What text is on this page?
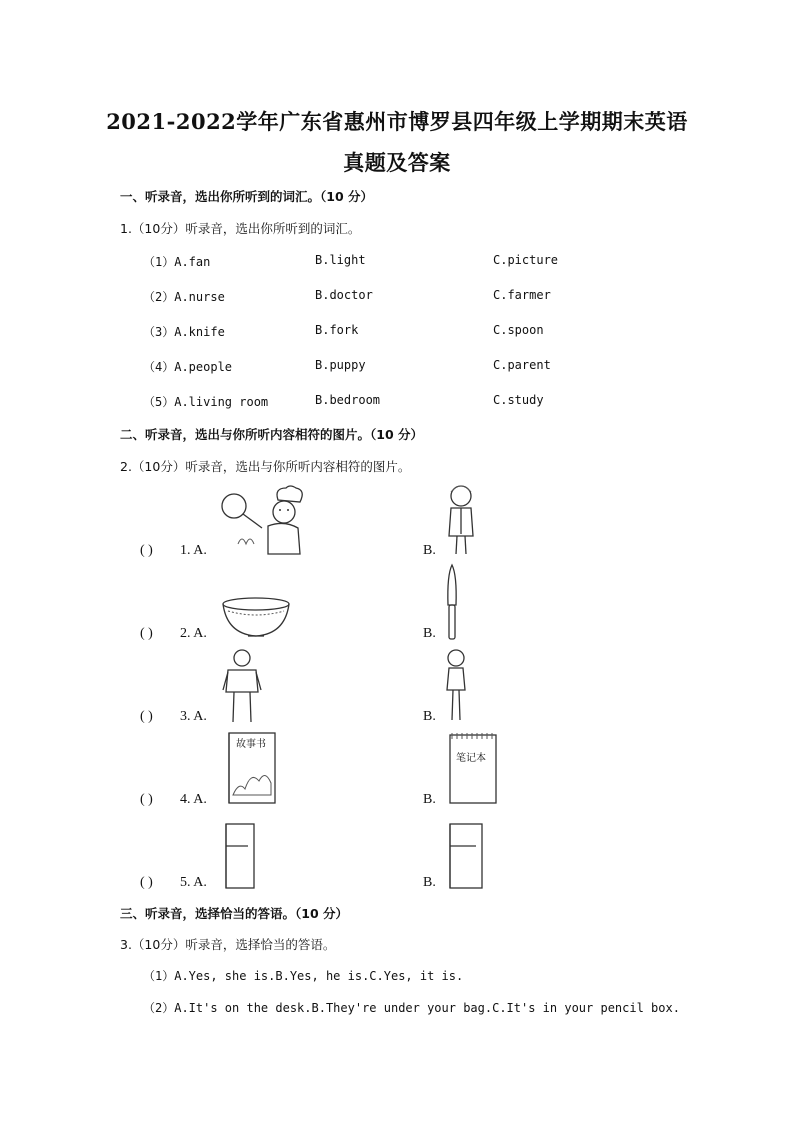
2021-2022学年广东省惠州市博罗县四年级上学期期末英语
真题及答案
一、听录音，选出你所听到的词汇。（10 分）
1.（10分）听录音，选出你所听到的词汇。
（1）A.fan	B.light	C.picture
（2）A.nurse	B.doctor	C.farmer
（3）A.knife	B.fork	C.spoon
（4）A.people	B.puppy	C.parent
（5）A.living room	B.bedroom	C.study
二、听录音，选出与你所听内容相符的图片。（10 分）
2.（10分）听录音，选出与你所听内容相符的图片。
( ) 1. A.	B.
( ) 2. A.	B.
( ) 3. A.	B.
( ) 4. A.	B.
故事书
笔记本
( ) 5. A.	B.
三、听录音，选择恰当的答语。（10 分）
3.（10分）听录音，选择恰当的答语。
（1）A.Yes, she is.B.Yes, he is.C.Yes, it is.
（2）A.It's on the desk.B.They're under your bag.C.It's in your pencil box.
